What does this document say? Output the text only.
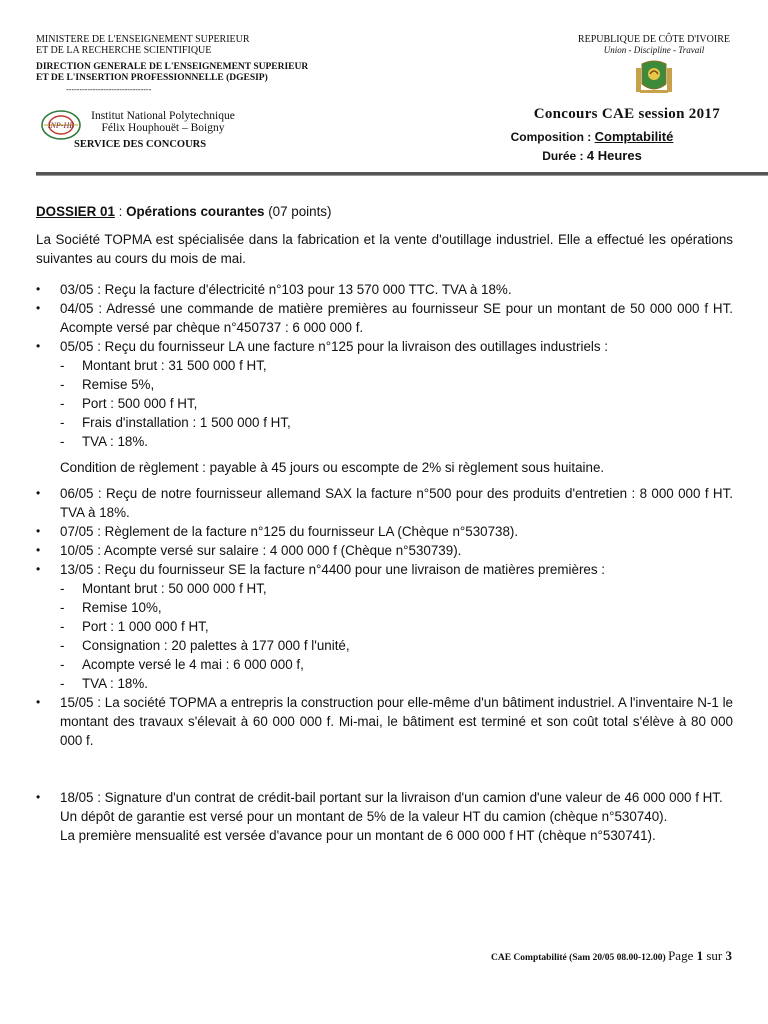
MINISTERE DE L'ENSEIGNEMENT SUPERIEUR
ET DE LA RECHERCHE SCIENTIFIQUE
DIRECTION GENERALE DE L'ENSEIGNEMENT SUPERIEUR
ET DE L'INSERTION PROFESSIONNELLE (DGESIP)
--------------------------------
REPUBLIQUE DE CÔTE D'IVOIRE
Union - Discipline - Travail
INP-HB
Institut National Polytechnique
Félix Houphouët – Boigny
SERVICE DES CONCOURS
Concours CAE session 2017
Composition : Comptabilité
Durée : 4 Heures
DOSSIER 01 : Opérations courantes (07 points)

La Société TOPMA est spécialisée dans la fabrication et la vente d'outillage industriel. Elle a effectué les opérations suivantes au cours du mois de mai.

• 03/05 : Reçu la facture d'électricité n°103 pour 13 570 000 TTC. TVA à 18%.
• 04/05 : Adressé une commande de matière premières au fournisseur SE pour un montant de 50 000 000 f HT. Acompte versé par chèque n°450737 : 6 000 000 f.
• 05/05 : Reçu du fournisseur LA une facture n°125 pour la livraison des outillages industriels :
- Montant brut : 31 500 000 f HT,
- Remise 5%,
- Port : 500 000 f HT,
- Frais d'installation : 1 500 000 f HT,
- TVA : 18%.
Condition de règlement : payable à 45 jours ou escompte de 2% si règlement sous huitaine.
• 06/05 : Reçu de notre fournisseur allemand SAX la facture n°500 pour des produits d'entretien : 8 000 000 f HT. TVA à 18%.
• 07/05 : Règlement de la facture n°125 du fournisseur LA (Chèque n°530738).
• 10/05 : Acompte versé sur salaire : 4 000 000 f (Chèque n°530739).
• 13/05 : Reçu du fournisseur SE la facture n°4400 pour une livraison de matières premières :
- Montant brut : 50 000 000 f HT,
- Remise 10%,
- Port : 1 000 000 f HT,
- Consignation : 20 palettes à 177 000 f l'unité,
- Acompte versé le 4 mai : 6 000 000 f,
- TVA : 18%.
• 15/05 : La société TOPMA a entrepris la construction pour elle-même d'un bâtiment industriel. A l'inventaire N-1 le montant des travaux s'élevait à 60 000 000 f. Mi-mai, le bâtiment est terminé et son coût total s'élève à 80 000 000 f.
• 18/05 : Signature d'un contrat de crédit-bail portant sur la livraison d'un camion d'une valeur de 46 000 000 f HT.
Un dépôt de garantie est versé pour un montant de 5% de la valeur HT du camion (chèque n°530740).
La première mensualité est versée d'avance pour un montant de 6 000 000 f HT (chèque n°530741).
CAE Comptabilité (Sam 20/05 08.00-12.00) Page 1 sur 3
